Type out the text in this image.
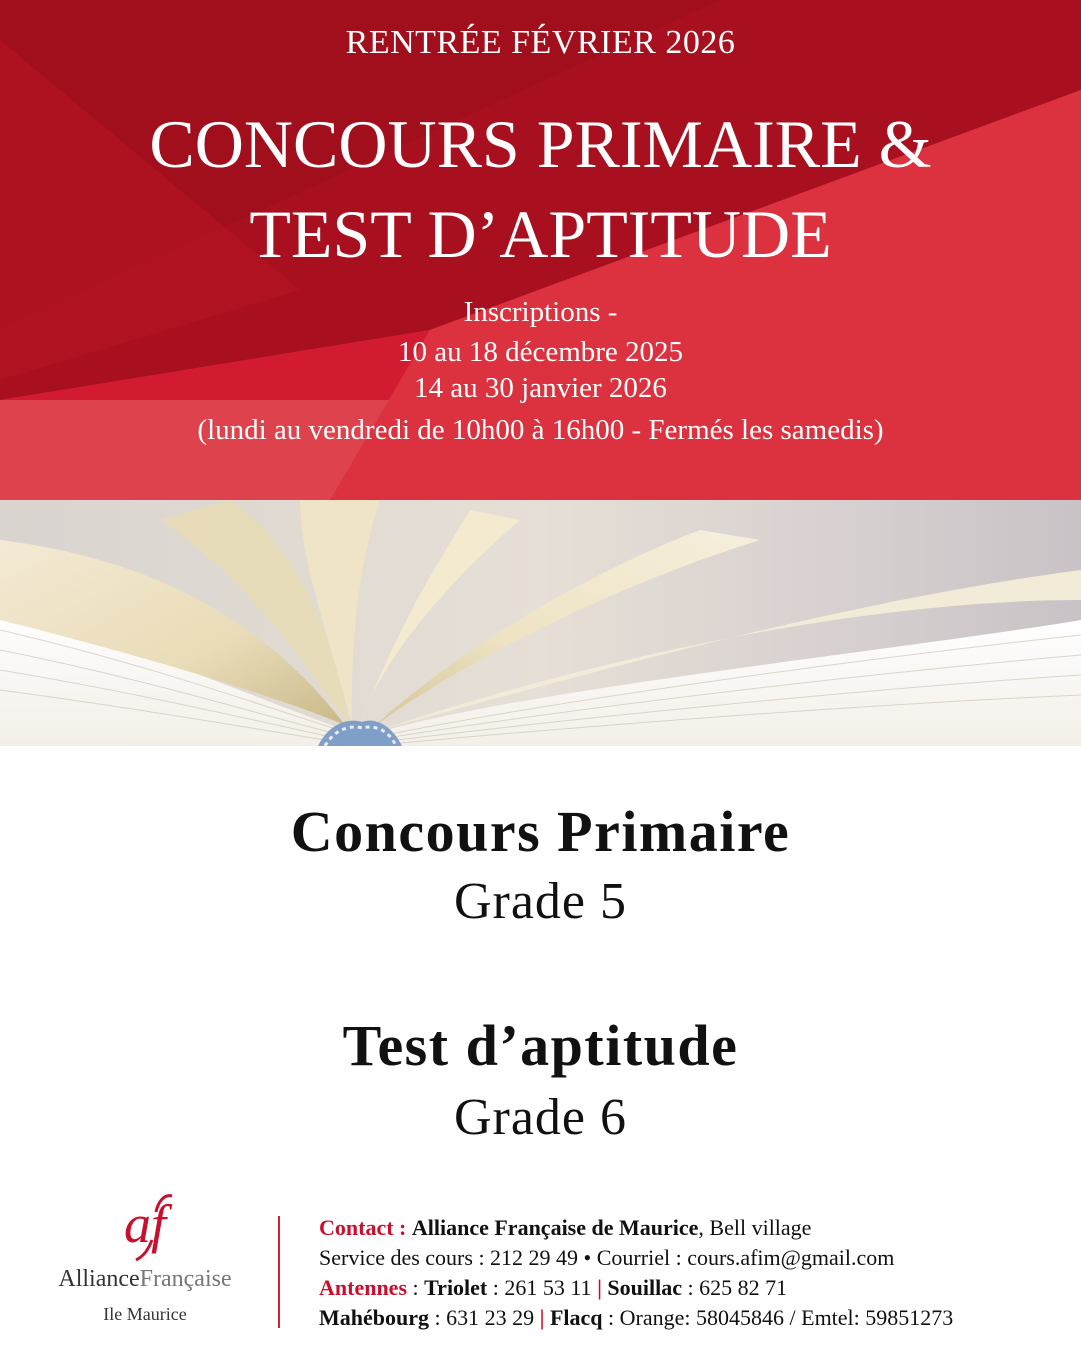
RENTRÉE FÉVRIER 2026
CONCOURS PRIMAIRE &
TEST D’APTITUDE
Inscriptions -
10 au 18 décembre 2025
14 au 30 janvier 2026
(lundi au vendredi de 10h00 à 16h00 - Fermés les samedis)
Concours Primaire
Grade 5
Test d’aptitude
Grade 6
af
AllianceFrançaise
Ile Maurice
Contact : Alliance Française de Maurice, Bell village
Service des cours : 212 29 49 • Courriel : cours.afim@gmail.com
Antennes : Triolet : 261 53 11 | Souillac : 625 82 71
Mahébourg : 631 23 29 | Flacq : Orange: 58045846 / Emtel: 59851273
